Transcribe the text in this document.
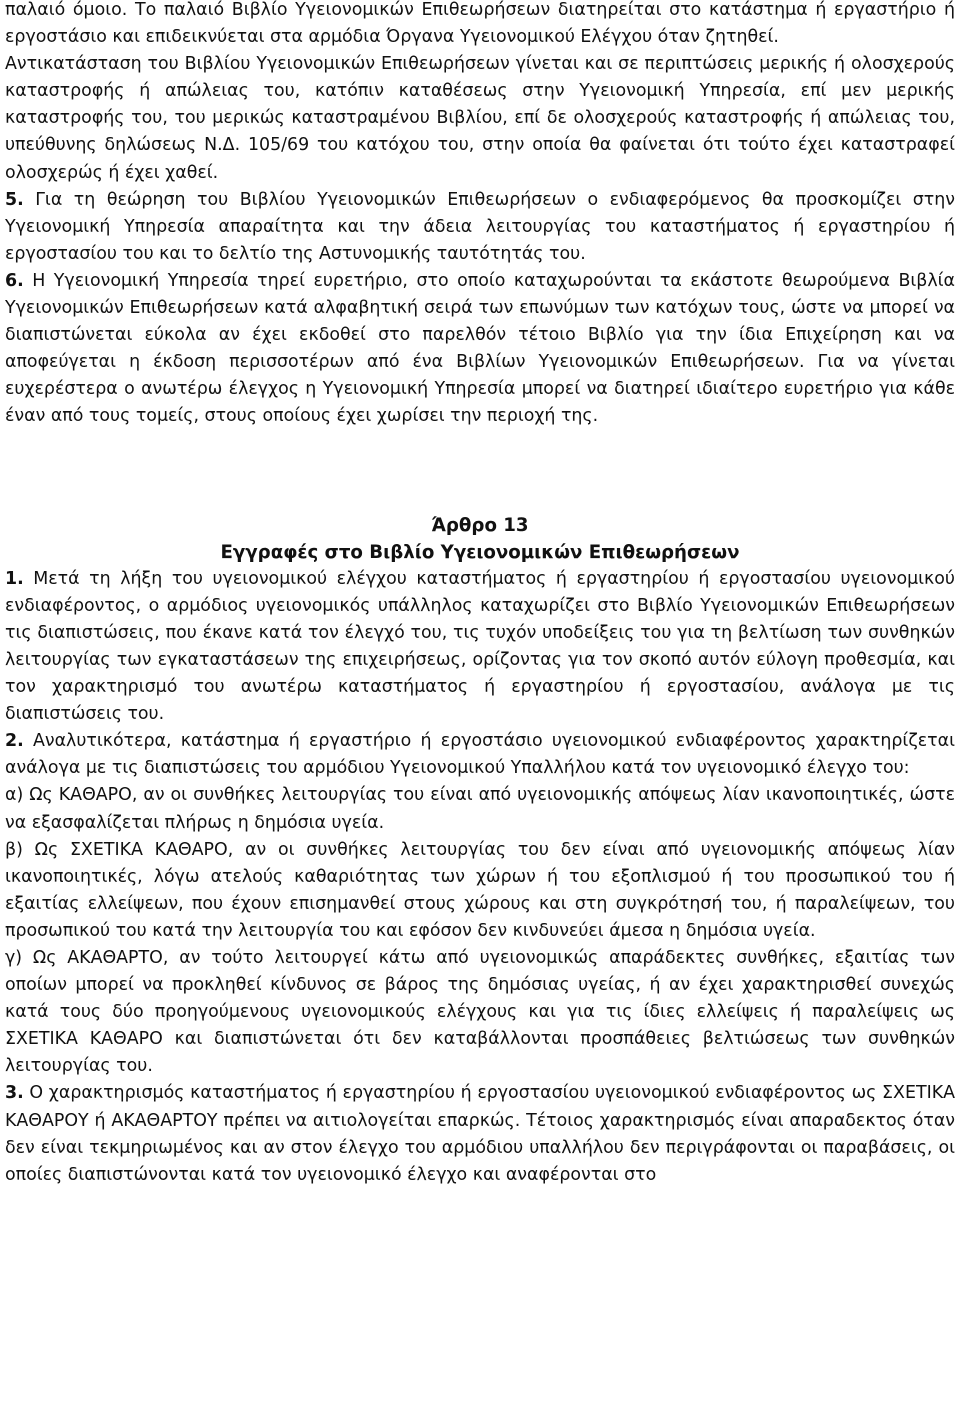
παλαιό όμοιο. Το παλαιό Βιβλίο Υγειονομικών Επιθεωρήσεων διατηρείται στο κατάστημα ή εργαστήριο ή εργοστάσιο και επιδεικνύεται στα αρμόδια Όργανα Υγειονομικού Ελέγχου όταν ζητηθεί.

Αντικατάσταση του Βιβλίου Υγειονομικών Επιθεωρήσεων γίνεται και σε περιπτώσεις μερικής ή ολοσχερούς καταστροφής ή απώλειας του, κατόπιν καταθέσεως στην Υγειονομική Υπηρεσία, επί μεν μερικής καταστροφής του, του μερικώς καταστραμένου Βιβλίου, επί δε ολοσχερούς καταστροφής ή απώλειας του, υπεύθυνης δηλώσεως Ν.Δ. 105/69 του κατόχου του, στην οποία θα φαίνεται ότι τούτο έχει καταστραφεί ολοσχερώς ή έχει χαθεί.

5. Για τη θεώρηση του Βιβλίου Υγειονομικών Επιθεωρήσεων ο ενδιαφερόμενος θα προσκομίζει στην Υγειονομική Υπηρεσία απαραίτητα και την άδεια λειτουργίας του καταστήματος ή εργαστηρίου ή εργοστασίου του και το δελτίο της Αστυνομικής ταυτότητάς του.

6. Η Υγειονομική Υπηρεσία τηρεί ευρετήριο, στο οποίο καταχωρούνται τα εκάστοτε θεωρούμενα Βιβλία Υγειονομικών Επιθεωρήσεων κατά αλφαβητική σειρά των επωνύμων των κατόχων τους, ώστε να μπορεί να διαπιστώνεται εύκολα αν έχει εκδοθεί στο παρελθόν τέτοιο Βιβλίο για την ίδια Επιχείρηση και να αποφεύγεται η έκδοση περισσοτέρων από ένα Βιβλίων Υγειονομικών Επιθεωρήσεων. Για να γίνεται ευχερέστερα ο ανωτέρω έλεγχος η Υγειονομική Υπηρεσία μπορεί να διατηρεί ιδιαίτερο ευρετήριο για κάθε έναν από τους τομείς, στους οποίους έχει χωρίσει την περιοχή της.

Άρθρο 13

Εγγραφές στο Βιβλίο Υγειονομικών Επιθεωρήσεων

1. Μετά τη λήξη του υγειονομικού ελέγχου καταστήματος ή εργαστηρίου ή εργοστασίου υγειονομικού ενδιαφέροντος, ο αρμόδιος υγειονομικός υπάλληλος καταχωρίζει στο Βιβλίο Υγειονομικών Επιθεωρήσεων τις διαπιστώσεις, που έκανε κατά τον έλεγχό του, τις τυχόν υποδείξεις του για τη βελτίωση των συνθηκών λειτουργίας των εγκαταστάσεων της επιχειρήσεως, ορίζοντας για τον σκοπό αυτόν εύλογη προθεσμία, και τον χαρακτηρισμό του ανωτέρω καταστήματος ή εργαστηρίου ή εργοστασίου, ανάλογα με τις διαπιστώσεις του.

2. Αναλυτικότερα, κατάστημα ή εργαστήριο ή εργοστάσιο υγειονομικού ενδιαφέροντος χαρακτηρίζεται ανάλογα με τις διαπιστώσεις του αρμόδιου Υγειονομικού Υπαλλήλου κατά τον υγειονομικό έλεγχο του:

α) Ως ΚΑΘΑΡΟ, αν οι συνθήκες λειτουργίας του είναι από υγειονομικής απόψεως λίαν ικανοποιητικές, ώστε να εξασφαλίζεται πλήρως η δημόσια υγεία.

β) Ως ΣΧΕΤΙΚΑ ΚΑΘΑΡΟ, αν οι συνθήκες λειτουργίας του δεν είναι από υγειονομικής απόψεως λίαν ικανοποιητικές, λόγω ατελούς καθαριότητας των χώρων ή του εξοπλισμού ή του προσωπικού του ή εξαιτίας ελλείψεων, που έχουν επισημανθεί στους χώρους και στη συγκρότησή του, ή παραλείψεων, του προσωπικού του κατά την λειτουργία του και εφόσον δεν κινδυνεύει άμεσα η δημόσια υγεία.

γ) Ως ΑΚΑΘΑΡΤΟ, αν τούτο λειτουργεί κάτω από υγειονομικώς απαράδεκτες συνθήκες, εξαιτίας των οποίων μπορεί να προκληθεί κίνδυνος σε βάρος της δημόσιας υγείας, ή αν έχει χαρακτηρισθεί συνεχώς κατά τους δύο προηγούμενους υγειονομικούς ελέγχους και για τις ίδιες ελλείψεις ή παραλείψεις ως ΣΧΕΤΙΚΑ ΚΑΘΑΡΟ και διαπιστώνεται ότι δεν καταβάλλονται προσπάθειες βελτιώσεως των συνθηκών λειτουργίας του.

3. Ο χαρακτηρισμός καταστήματος ή εργαστηρίου ή εργοστασίου υγειονομικού ενδιαφέροντος ως ΣΧΕΤΙΚΑ ΚΑΘΑΡΟΥ ή ΑΚΑΘΑΡΤΟΥ πρέπει να αιτιολογείται επαρκώς. Τέτοιος χαρακτηρισμός είναι απαραδεκτος όταν δεν είναι τεκμηριωμένος και αν στον έλεγχο του αρμόδιου υπαλλήλου δεν περιγράφονται οι παραβάσεις, οι οποίες διαπιστώνονται κατά τον υγειονομικό έλεγχο και αναφέρονται στο
